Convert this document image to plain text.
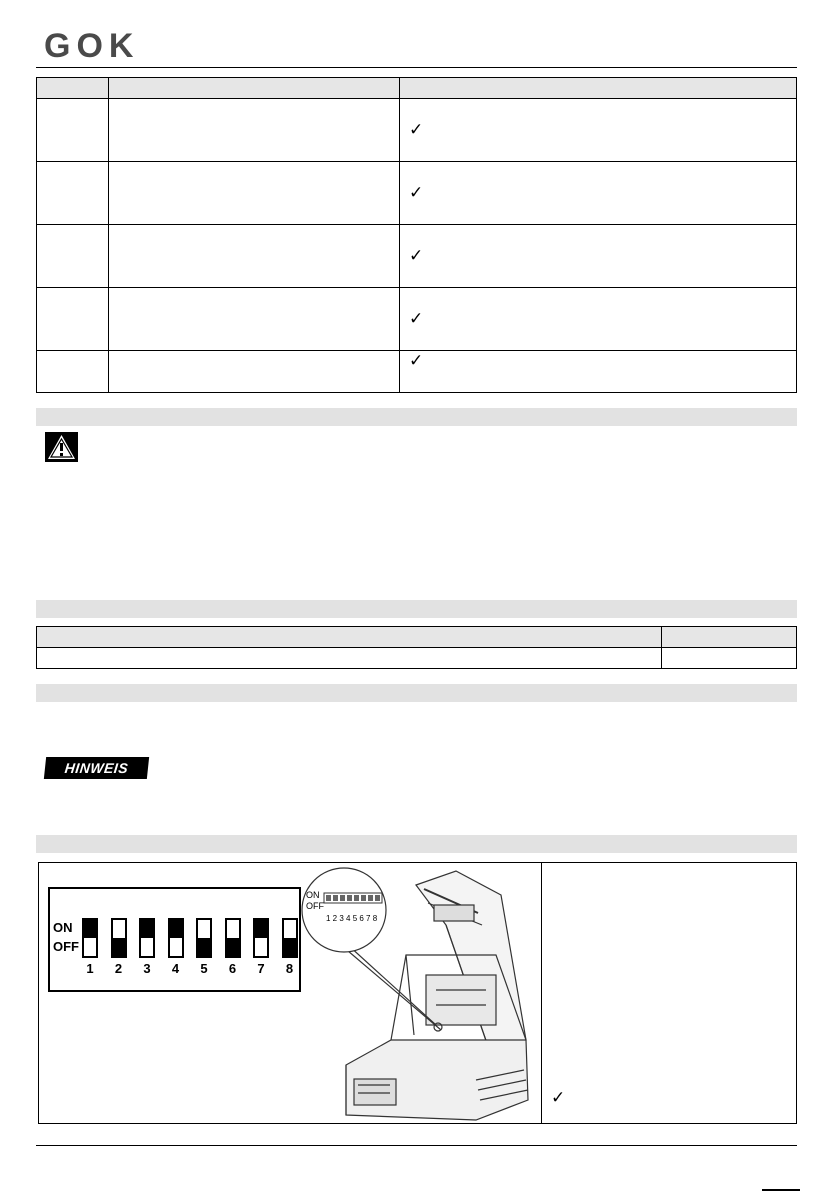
GOK

		✓
		✓
		✓
		✓
		✓

HINWEIS
ON
OFF
1	2	3	4	5	6	7	8
ON
OFF
1 2 3 4 5 6 7 8
✓
